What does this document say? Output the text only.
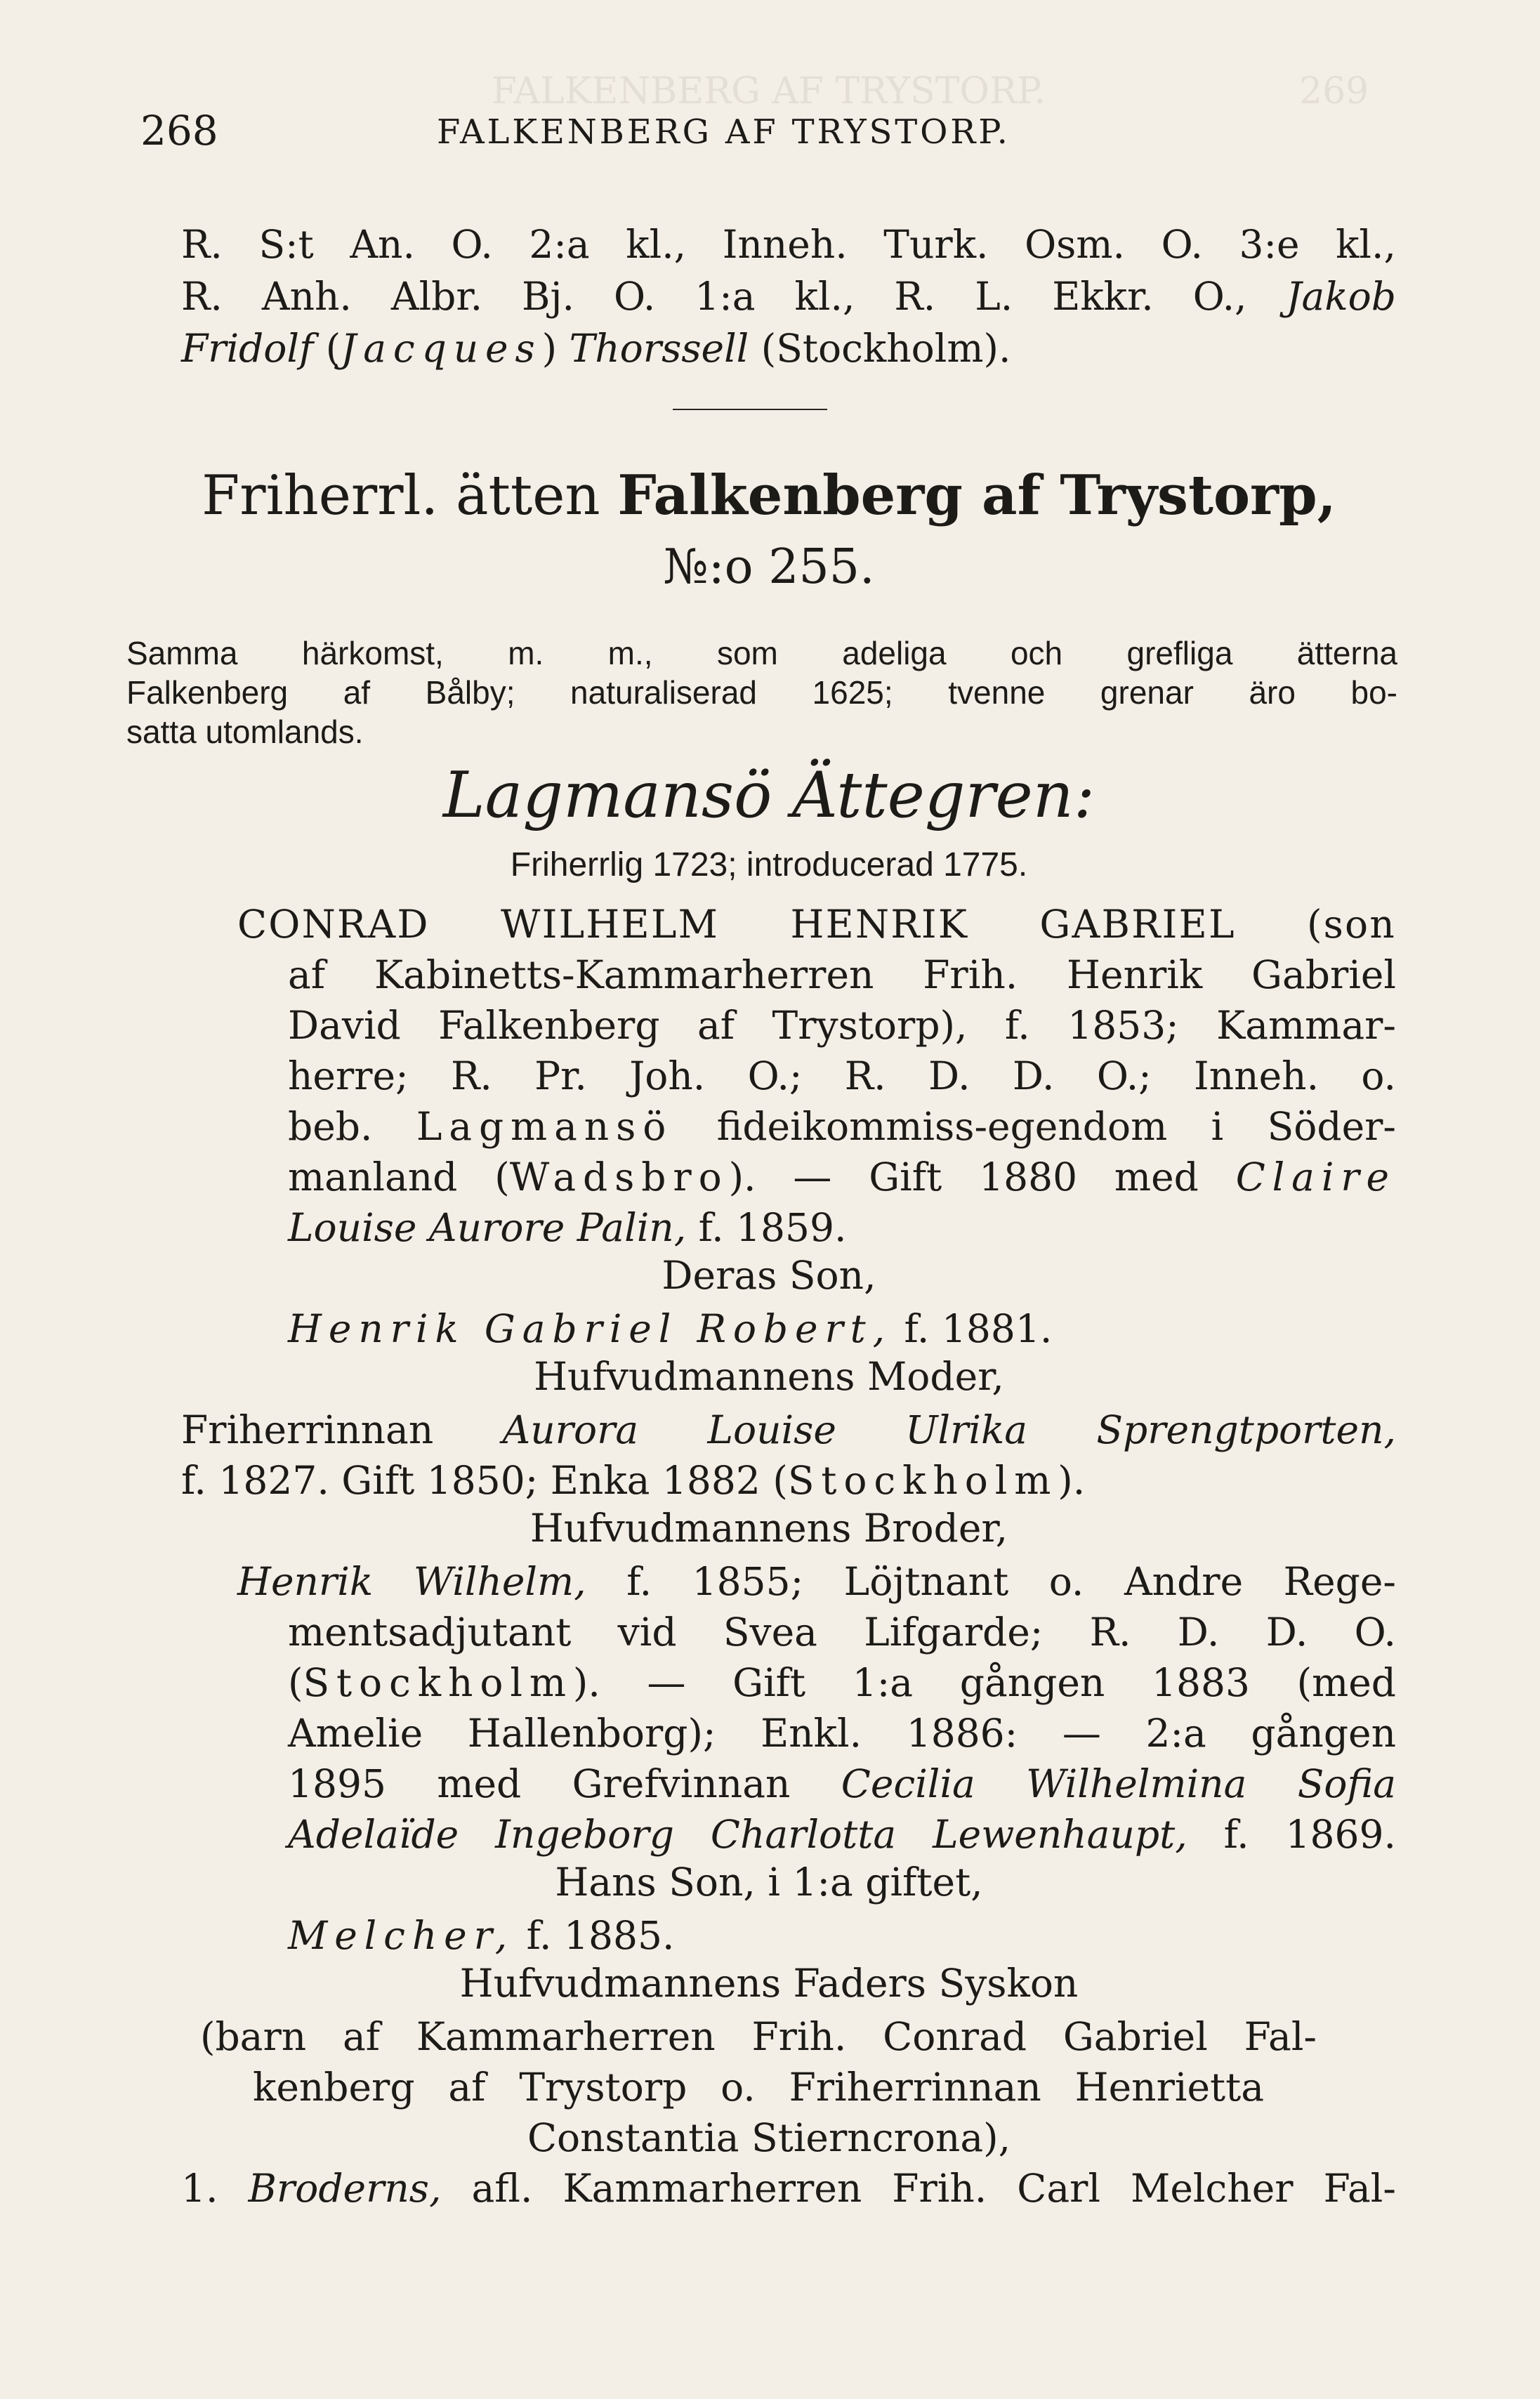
FALKENBERG AF TRYSTORP.	269
268	FALKENBERG AF TRYSTORP.
R. S:t An. O. 2:a kl., Inneh. Turk. Osm. O. 3:e kl.,
R. Anh. Albr. Bj. O. 1:a kl., R. L. Ekkr. O., Jakob
Fridolf (Jacques) Thorssell (Stockholm).
Friherrl. ätten Falkenberg af Trystorp,
№:o 255.
Samma härkomst, m. m., som adeliga och grefliga ätterna
Falkenberg af Bålby; naturaliserad 1625; tvenne grenar äro bo-
satta utomlands.
Lagmansö Ättegren:
Friherrlig 1723; introducerad 1775.
CONRAD WILHELM HENRIK GABRIEL (son
af Kabinetts-Kammarherren Frih. Henrik Gabriel
David Falkenberg af Trystorp), f. 1853; Kammar-
herre; R. Pr. Joh. O.; R. D. D. O.; Inneh. o.
beb. Lagmansö fideikommiss-egendom i Söder-
manland (Wadsbro). — Gift 1880 med Claire
Louise Aurore Palin, f. 1859.
Deras Son,
Henrik Gabriel Robert, f. 1881.
Hufvudmannens Moder,
Friherrinnan Aurora Louise Ulrika Sprengtporten,
f. 1827. Gift 1850; Enka 1882 (Stockholm).
Hufvudmannens Broder,
Henrik Wilhelm, f. 1855; Löjtnant o. Andre Rege-
mentsadjutant vid Svea Lifgarde; R. D. D. O.
(Stockholm). — Gift 1:a gången 1883 (med
Amelie Hallenborg); Enkl. 1886: — 2:a gången
1895 med Grefvinnan Cecilia Wilhelmina Sofia
Adelaïde Ingeborg Charlotta Lewenhaupt, f. 1869.
Hans Son, i 1:a giftet,
Melcher, f. 1885.
Hufvudmannens Faders Syskon
(barn af Kammarherren Frih. Conrad Gabriel Fal-
kenberg af Trystorp o. Friherrinnan Henrietta
Constantia Stierncrona),
1. Broderns, afl. Kammarherren Frih. Carl Melcher Fal-
